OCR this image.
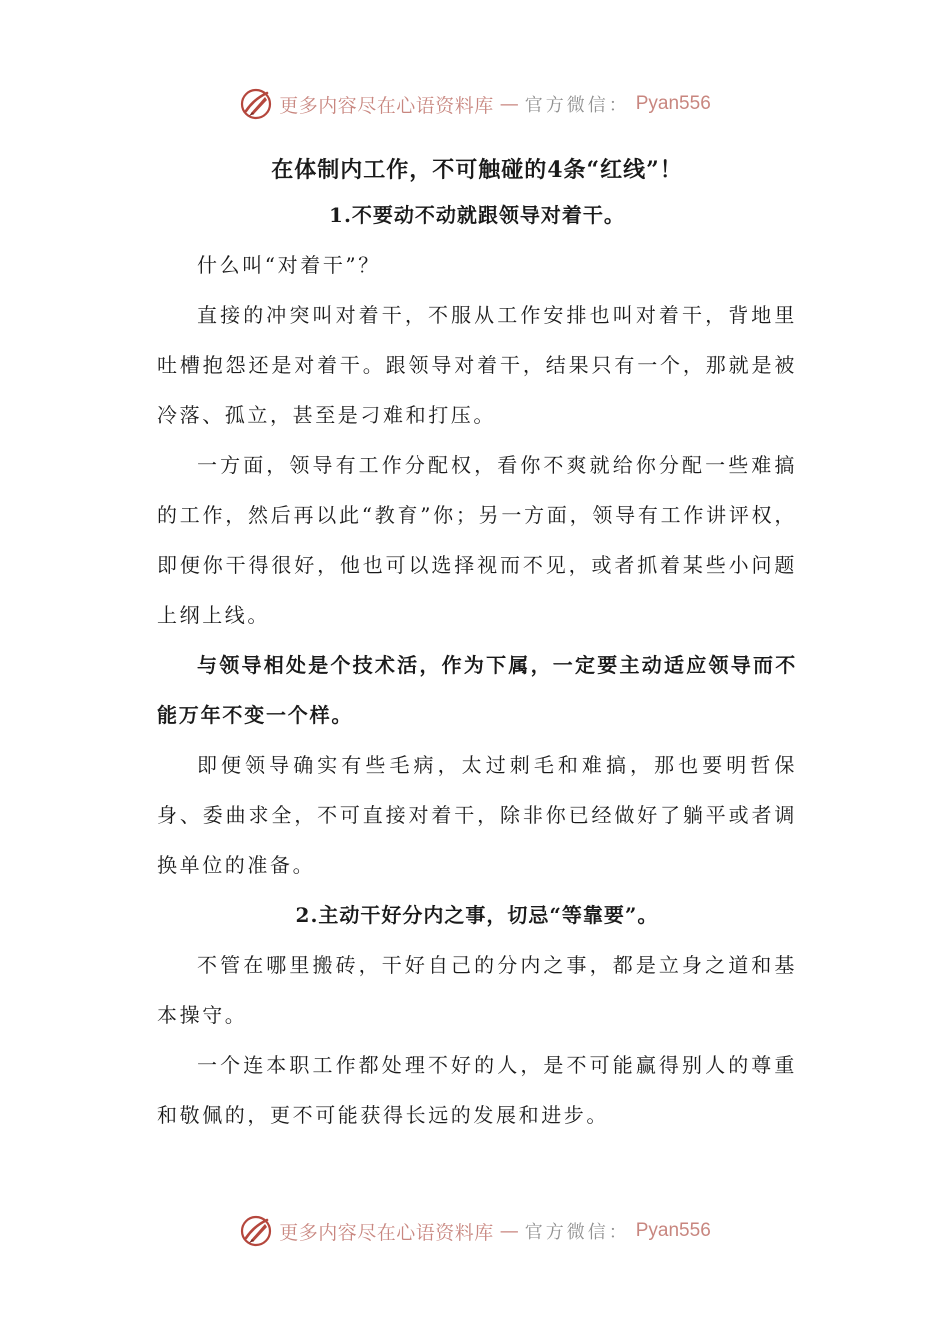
更多内容尽在心语资料库 — 官方微信： Pyan556

在体制内工作，不可触碰的4条“红线”！

1.不要动不动就跟领导对着干。

什么叫“对着干”？

直接的冲突叫对着干，不服从工作安排也叫对着干，背地里吐槽抱怨还是对着干。跟领导对着干，结果只有一个，那就是被冷落、孤立，甚至是刁难和打压。

一方面，领导有工作分配权，看你不爽就给你分配一些难搞的工作，然后再以此“教育”你；另一方面，领导有工作讲评权，即便你干得很好，他也可以选择视而不见，或者抓着某些小问题上纲上线。

与领导相处是个技术活，作为下属，一定要主动适应领导而不能万年不变一个样。

即便领导确实有些毛病，太过刺毛和难搞，那也要明哲保身、委曲求全，不可直接对着干，除非你已经做好了躺平或者调换单位的准备。

2.主动干好分内之事，切忌“等靠要”。

不管在哪里搬砖，干好自己的分内之事，都是立身之道和基本操守。

一个连本职工作都处理不好的人，是不可能赢得别人的尊重和敬佩的，更不可能获得长远的发展和进步。

更多内容尽在心语资料库 — 官方微信： Pyan556
